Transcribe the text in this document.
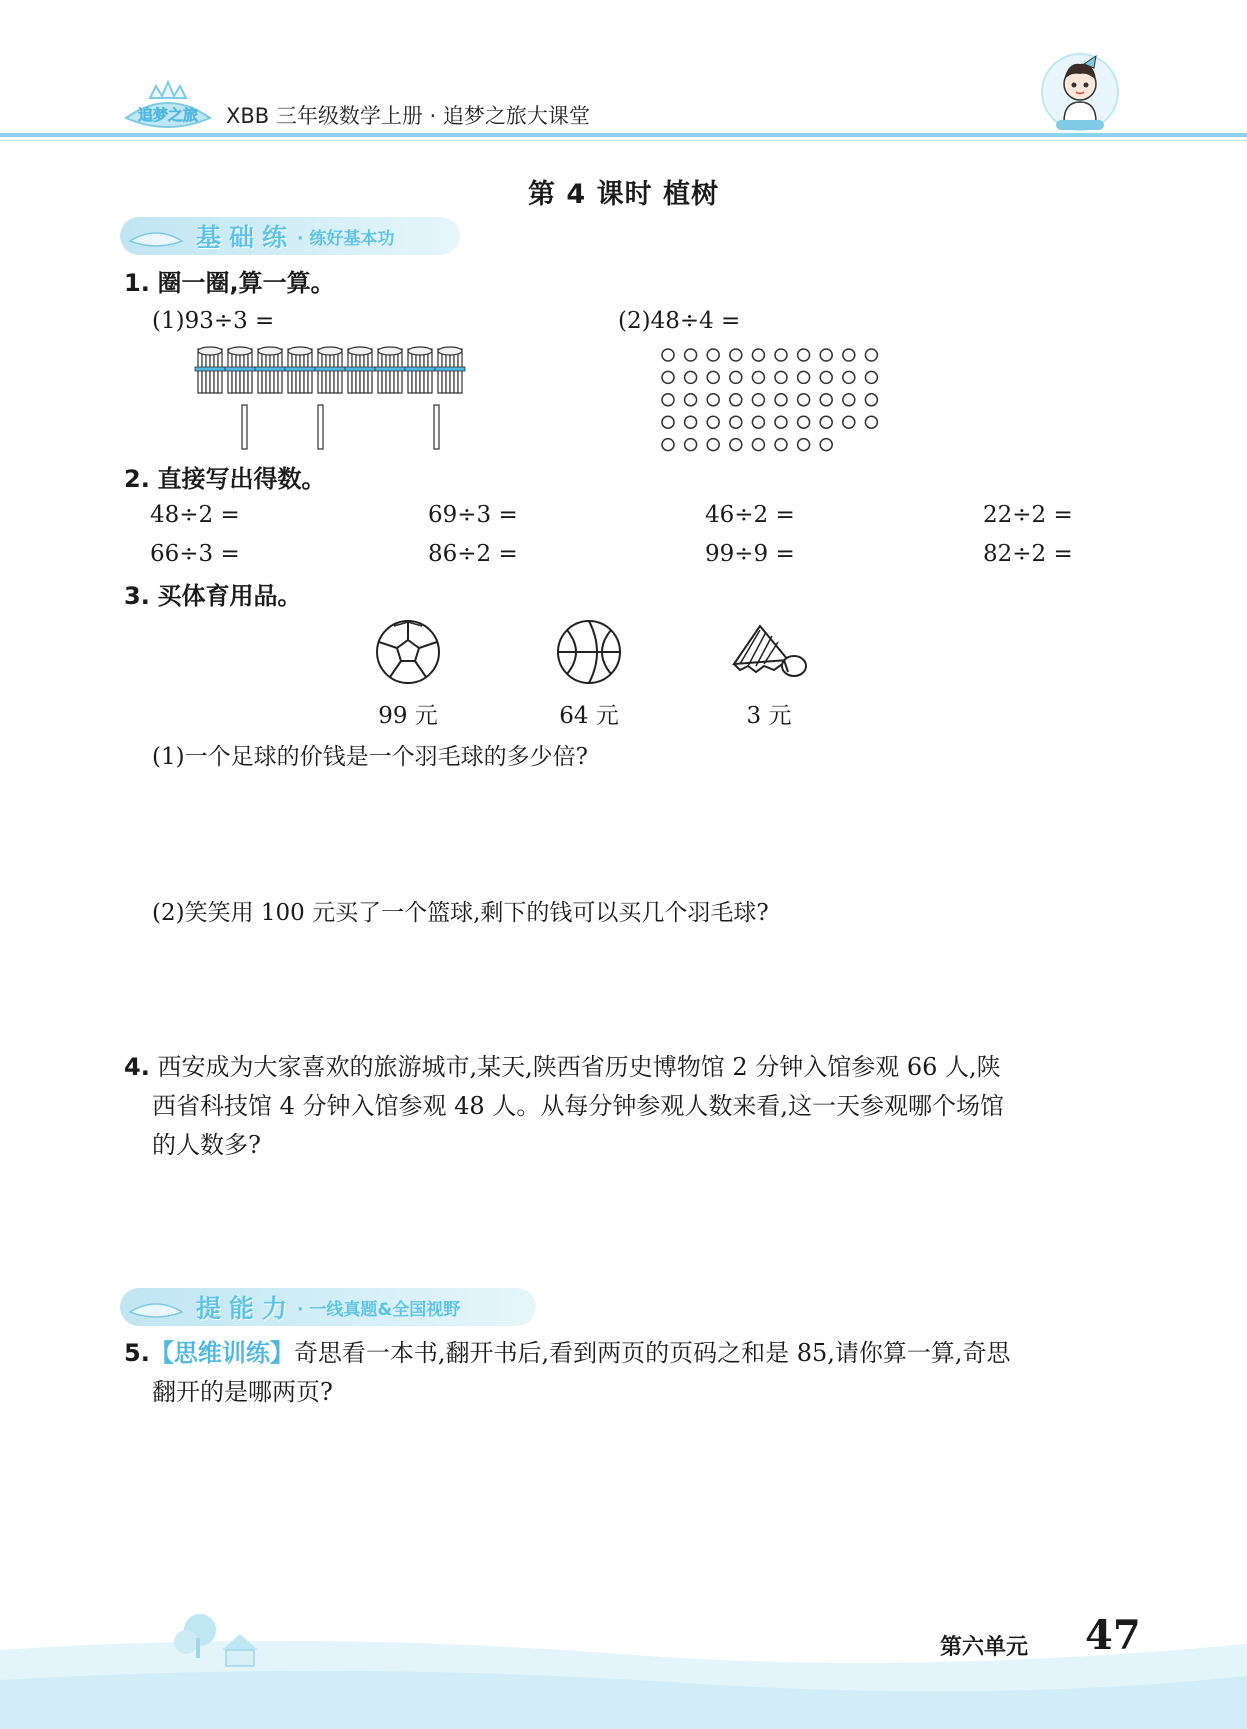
追梦之旅 XBB 三年级数学上册 · 追梦之旅大课堂
第 4 课时 植树
基础练 · 练好基本功
1. 圈一圈,算一算。
(1)93÷3 =	(2)48÷4 =
2. 直接写出得数。
48÷2 =	69÷3 =	46÷2 =	22÷2 =
66÷3 =	86÷2 =	99÷9 =	82÷2 =
3. 买体育用品。
99 元	64 元	3 元
(1)一个足球的价钱是一个羽毛球的多少倍?
(2)笑笑用 100 元买了一个篮球,剩下的钱可以买几个羽毛球?
4. 西安成为大家喜欢的旅游城市,某天,陕西省历史博物馆 2 分钟入馆参观 66 人,陕
西省科技馆 4 分钟入馆参观 48 人。从每分钟参观人数来看,这一天参观哪个场馆
的人数多?
提能力 · 一线真题&全国视野
5.【思维训练】奇思看一本书,翻开书后,看到两页的页码之和是 85,请你算一算,奇思
翻开的是哪两页?
第六单元 47
